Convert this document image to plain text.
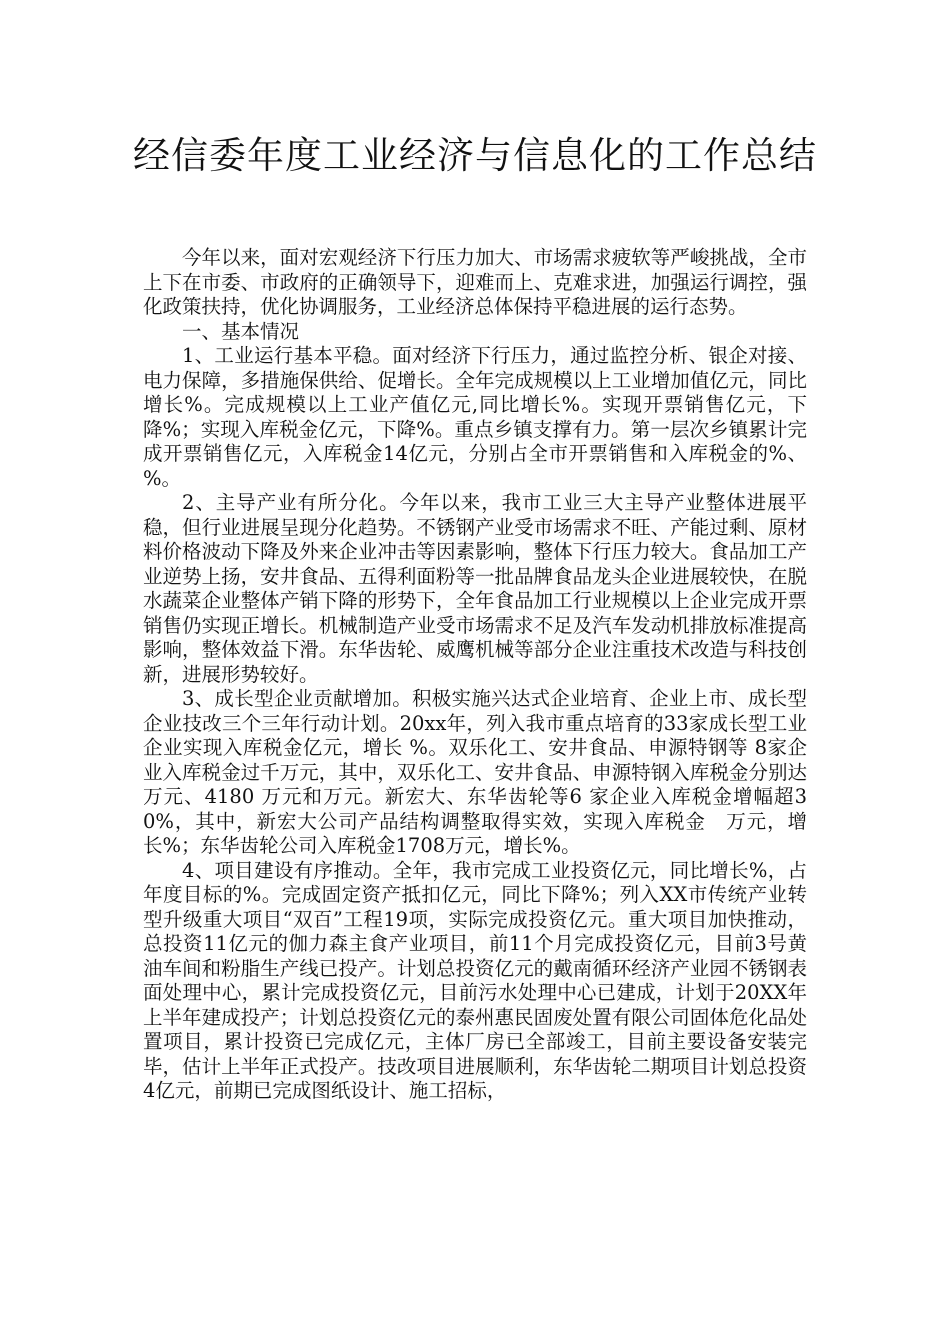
经信委年度工业经济与信息化的工作总结

今年以来，面对宏观经济下行压力加大、市场需求疲软等严峻挑战，全市上下在市委、市政府的正确领导下，迎难而上、克难求进，加强运行调控，强化政策扶持，优化协调服务，工业经济总体保持平稳进展的运行态势。

一、基本情况

1、工业运行基本平稳。面对经济下行压力，通过监控分析、银企对接、电力保障，多措施保供给、促增长。全年完成规模以上工业增加值亿元，同比增长%。完成规模以上工业产值亿元,同比增长%。实现开票销售亿元，下降%；实现入库税金亿元，下降%。重点乡镇支撑有力。第一层次乡镇累计完成开票销售亿元，入库税金14亿元，分别占全市开票销售和入库税金的%、%。

2、主导产业有所分化。今年以来，我市工业三大主导产业整体进展平稳，但行业进展呈现分化趋势。不锈钢产业受市场需求不旺、产能过剩、原材料价格波动下降及外来企业冲击等因素影响，整体下行压力较大。食品加工产业逆势上扬，安井食品、五得利面粉等一批品牌食品龙头企业进展较快，在脱水蔬菜企业整体产销下降的形势下，全年食品加工行业规模以上企业完成开票销售仍实现正增长。机械制造产业受市场需求不足及汽车发动机排放标准提高影响，整体效益下滑。东华齿轮、威鹰机械等部分企业注重技术改造与科技创新，进展形势较好。

3、成长型企业贡献增加。积极实施兴达式企业培育、企业上市、成长型企业技改三个三年行动计划。20xx年，列入我市重点培育的33家成长型工业企业实现入库税金亿元，增长 %。双乐化工、安井食品、申源特钢等 8家企业入库税金过千万元，其中，双乐化工、安井食品、申源特钢入库税金分别达万元、4180 万元和万元。新宏大、东华齿轮等6 家企业入库税金增幅超30%，其中，新宏大公司产品结构调整取得实效，实现入库税金　万元，增长%；东华齿轮公司入库税金1708万元，增长%。

4、项目建设有序推动。全年，我市完成工业投资亿元，同比增长%，占年度目标的%。完成固定资产抵扣亿元，同比下降%；列入XX市传统产业转型升级重大项目“双百”工程19项，实际完成投资亿元。重大项目加快推动，总投资11亿元的伽力森主食产业项目，前11个月完成投资亿元，目前3号黄油车间和粉脂生产线已投产。计划总投资亿元的戴南循环经济产业园不锈钢表面处理中心，累计完成投资亿元，目前污水处理中心已建成，计划于20XX年上半年建成投产；计划总投资亿元的泰州惠民固废处置有限公司固体危化品处置项目，累计投资已完成亿元，主体厂房已全部竣工，目前主要设备安装完毕，估计上半年正式投产。技改项目进展顺利，东华齿轮二期项目计划总投资4亿元，前期已完成图纸设计、施工招标，
